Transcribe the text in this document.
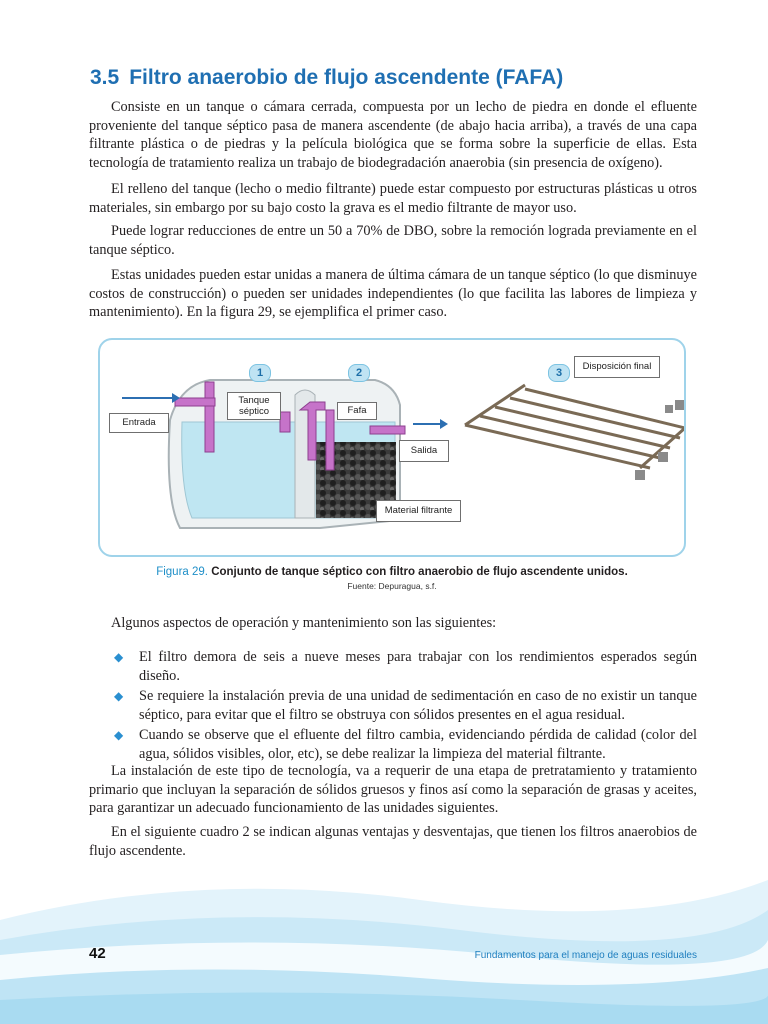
3.5 Filtro anaerobio de flujo ascendente (FAFA)

Consiste en un tanque o cámara cerrada, compuesta por un lecho de piedra en donde el efluente proveniente del tanque séptico pasa de manera ascendente (de abajo hacia arriba), a través de una capa filtrante plástica o de piedras y la película biológica que se forma sobre la superficie de ellas. Esta tecnología de tratamiento realiza un trabajo de biodegradación anaerobia (sin presencia de oxígeno).

El relleno del tanque (lecho o medio filtrante) puede estar compuesto por estructuras plásticas u otros materiales, sin embargo por su bajo costo la grava es el medio filtrante de mayor uso.

Puede lograr reducciones de entre un 50 a 70% de DBO, sobre la remoción lograda previamente en el tanque séptico.

Estas unidades pueden estar unidas a manera de última cámara de un tanque séptico (lo que disminuye costos de construcción) o pueden ser unidades independientes (lo que facilita las labores de limpieza y mantenimiento). En la figura 29, se ejemplifica el primer caso.

1	2	3
Entrada
Tanque séptico	Fafa
Salida
Material filtrante
Disposición final
Figura 29. Conjunto de tanque séptico con filtro anaerobio de flujo ascendente unidos.
Fuente: Depuragua, s.f.

Algunos aspectos de operación y mantenimiento son las siguientes:

◆ El filtro demora de seis a nueve meses para trabajar con los rendimientos esperados según diseño.
◆ Se requiere la instalación previa de una unidad de sedimentación en caso de no existir un tanque séptico, para evitar que el filtro se obstruya con sólidos presentes en el agua residual.
◆ Cuando se observe que el efluente del filtro cambia, evidenciando pérdida de calidad (color del agua, sólidos visibles, olor, etc), se debe realizar la limpieza del material filtrante.

La instalación de este tipo de tecnología, va a requerir de una etapa de pretratamiento y tratamiento primario que incluyan la separación de sólidos gruesos y finos así como la separación de grasas y aceites, para garantizar un adecuado funcionamiento de las unidades siguientes.

En el siguiente cuadro 2 se indican algunas ventajas y desventajas, que tienen los filtros anaerobios de flujo ascendente.

42	Fundamentos para el manejo de aguas residuales
